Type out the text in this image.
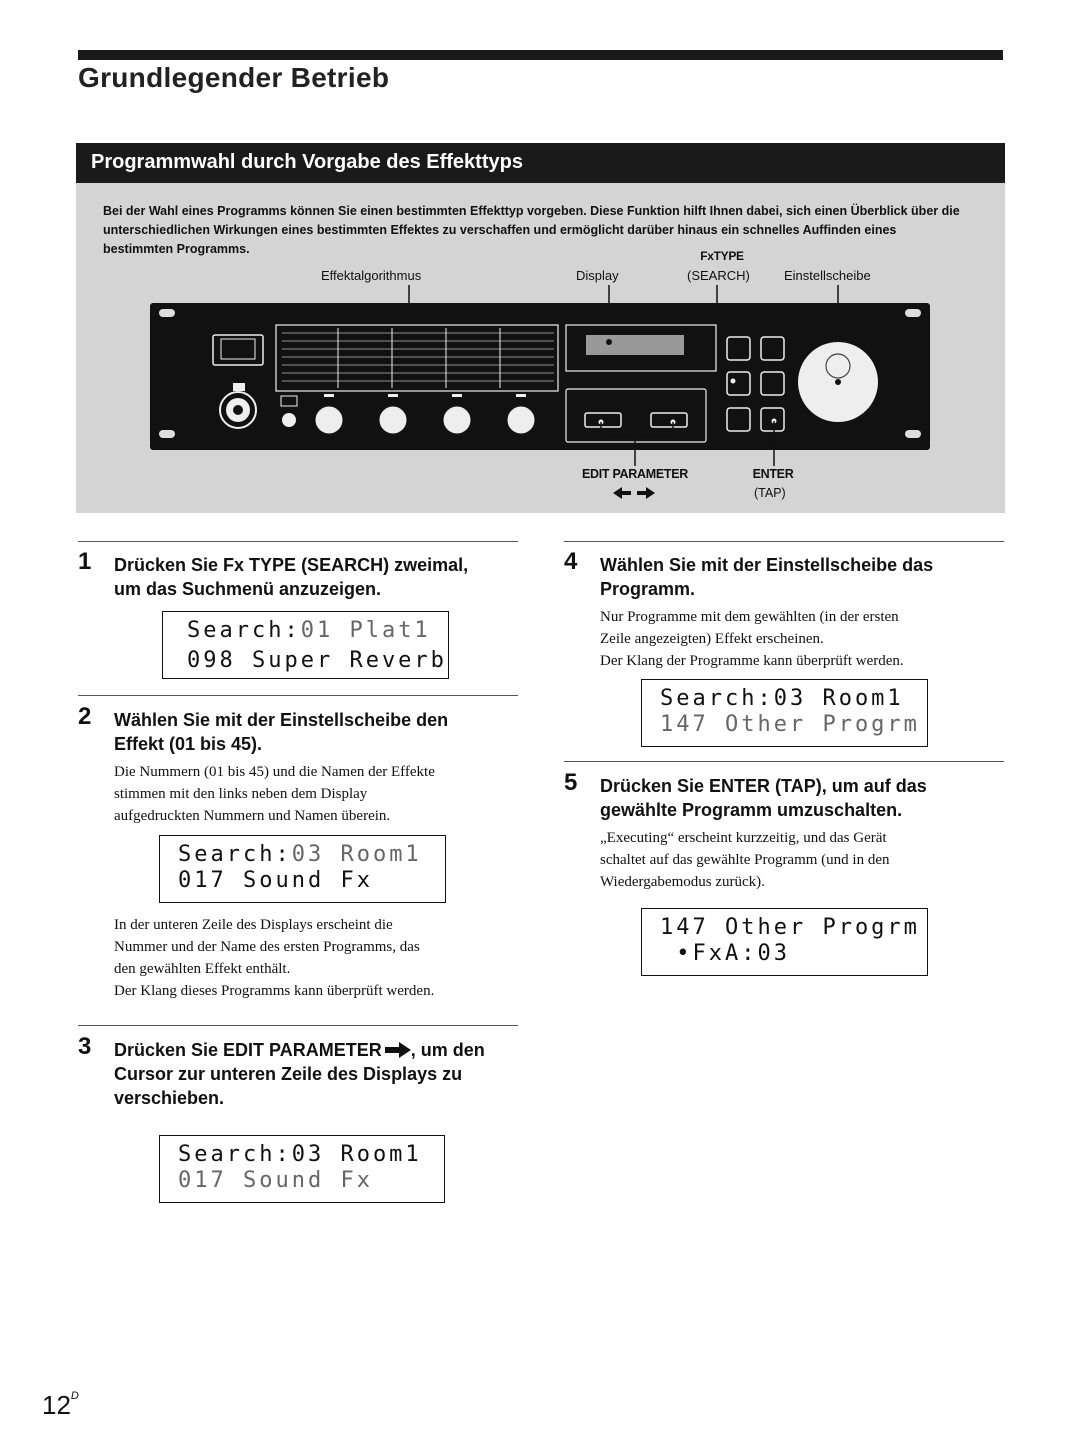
Grundlegender Betrieb
Programmwahl durch Vorgabe des Effekttyps
Bei der Wahl eines Programms können Sie einen bestimmten Effekttyp vorgeben. Diese Funktion hilft Ihnen dabei, sich einen Überblick über die unterschiedlichen Wirkungen eines bestimmten Effektes zu verschaffen und ermöglicht darüber hinaus ein schnelles Auffinden eines bestimmten Programms.
Effektalgorithmus	Display
FxTYPE
(SEARCH)	Einstellscheibe
EDIT PARAMETER	ENTER
(TAP)
1 Drücken Sie Fx TYPE (SEARCH) zweimal,
um das Suchmenü anzuzeigen.
Search:01 Plat1
098 Super Reverb
2 Wählen Sie mit der Einstellscheibe den
Effekt (01 bis 45).
Die Nummern (01 bis 45) und die Namen der Effekte
stimmen mit den links neben dem Display
aufgedruckten Nummern und Namen überein.
Search:03 Room1
017 Sound Fx
In der unteren Zeile des Displays erscheint die
Nummer und der Name des ersten Programms, das
den gewählten Effekt enthält.
Der Klang dieses Programms kann überprüft werden.
3 Drücken Sie EDIT PARAMETER , um den
Cursor zur unteren Zeile des Displays zu
verschieben.
Search:03 Room1
017 Sound Fx
4 Wählen Sie mit der Einstellscheibe das
Programm.
Nur Programme mit dem gewählten (in der ersten
Zeile angezeigten) Effekt erscheinen.
Der Klang der Programme kann überprüft werden.
Search:03 Room1
147 Other Progrm
5 Drücken Sie ENTER (TAP), um auf das
gewählte Programm umzuschalten.
„Executing“ erscheint kurzzeitig, und das Gerät
schaltet auf das gewählte Programm (und in den
Wiedergabemodus zurück).
147 Other Progrm
•FxA:03
$12^D$
